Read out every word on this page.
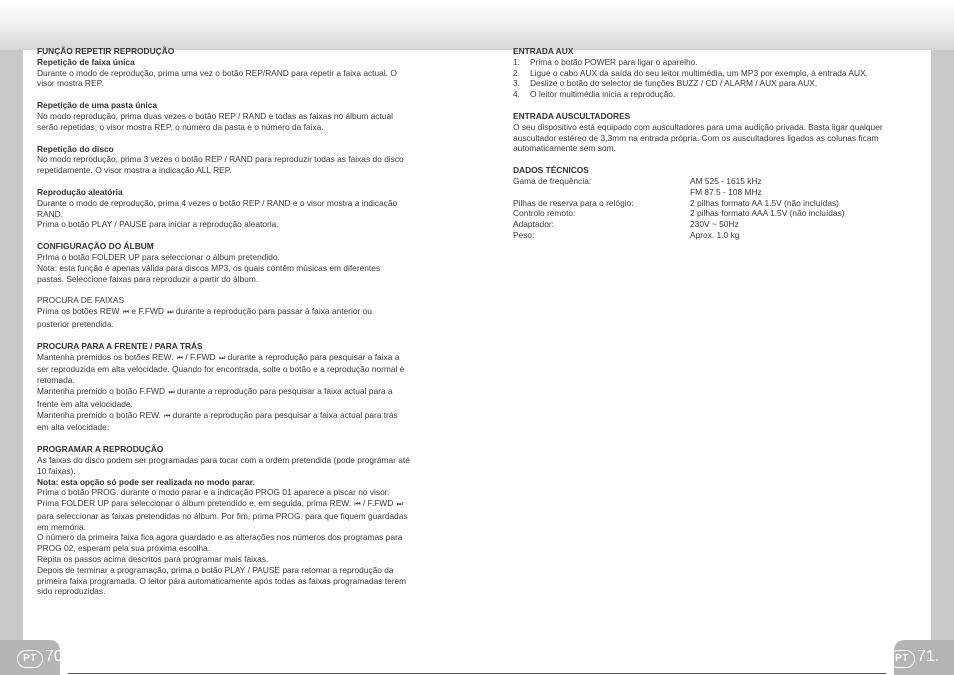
PT 70.	PT 71.
FUNÇÃO REPETIR REPRODUÇÃO
Repetição de faixa única
Durante o modo de reprodução, prima uma vez o botão REP/RAND para repetir a faixa actual. O
visor mostra REP.
Repetição de uma pasta única
No modo reprodução, prima duas vezes o botão REP / RAND e todas as faixas no álbum actual
serão repetidas; o visor mostra REP, o número da pasta e o número da faixa.
Repetição do disco
No modo reprodução, prima 3 vezes o botão REP / RAND para reproduzir todas as faixas do disco
repetidamente. O visor mostra a indicação ALL REP.
Reprodução aleatória
Durante o modo de reprodução, prima 4 vezes o botão REP / RAND e o visor mostra a indicação
RAND.
Prima o botão PLAY / PAUSE para iniciar a reprodução aleatoria.
CONFIGURAÇÃO DO ÁLBUM
PrIma o botão FOLDER UP para seleccionar o álbum pretendido.
Nota: esta função é apenas válida para discos MP3, os quais contêm músicas em diferentes
pastas. Seleccione faixas para reproduzir a partir do álbum.
PROCURA DE FAIXAS
Prima os botões REW ⏮ e F.FWD ⏭ durante a reprodução para passar à faixa anterior ou
posterior pretendida.
PROCURA PARA A FRENTE / PARA TRÁS
Mantenha premidos os botões REW. ⏮ / F.FWD ⏭ durante a reprodução para pesquisar a faixa a
ser reproduzida em alta velocidade. Quando for encontrada, solte o botão e a reprodução normal é
retomada.
Mantenha premido o botão F.FWD ⏭ durante a reprodução para pesquisar a faixa actual para a
frente em alta velocidade.
Mantenha premido o botão REW. ⏮ durante a reprodução para pesquisar a faixa actual para trás
em alta velocidade.
PROGRAMAR A REPRODUÇÃO
As faixas do disco podem ser programadas para tocar com a ordem pretendida (pode programar até
10 faixas).
Nota: esta opção só pode ser realizada no modo parar.
Prima o botão PROG. durante o modo parar e a indicação PROG 01 aparece a piscar no visor.
Prima FOLDER UP para seleccionar o álbum pretendido e, em seguida, prima REW. ⏮ / F.FWD ⏭
para seleccionar as faixas pretendidas no álbum. Por fim, prima PROG. para que fiquem guardadas
em memória.
O número da primeira faixa fica agora guardado e as alterações nos números dos programas para
PROG 02, esperam pela sua próxima escolha.
Repita os passos acima descritos para programar mais faixas.
Depois de terminar a programação, prima o botão PLAY / PAUSE para retomar a reprodução da
primeira faixa programada. O leitor pára automaticamente após todas as faixas programadas terem
sido reproduzidas.
ENTRADA AUX
1.	Prima o botão POWER para ligar o aparelho.
2.	Ligue o cabo AUX da saída do seu leitor multimédia, um MP3 por exemplo, à entrada AUX.
3.	Deslize o botão do selector de funções BUZZ / CD / ALARM / AUX para AUX.
4.	O leitor multimédia inicia a reprodução.
ENTRADA AUSCULTADORES
O seu dispositivo está equipado com auscultadores para uma audição privada. Basta ligar qualquer
auscultador estéreo de 3,3mm na entrada própria. Com os auscultadores ligados as colunas ficam
automaticamente sem som.
DADOS TÉCNICOS
Gama de frequência:	AM 525 - 1615 kHz
FM 87.5 - 108 MHz
Pilhas de reserva para o relógio:	2 pilhas formato AA 1.5V (não incluídas)
Controlo remoto:	2 pilhas formato AAA 1.5V (não incluídas)
Adaptador:	230V ~ 50Hz
Peso:	Aprox. 1.0 kg
